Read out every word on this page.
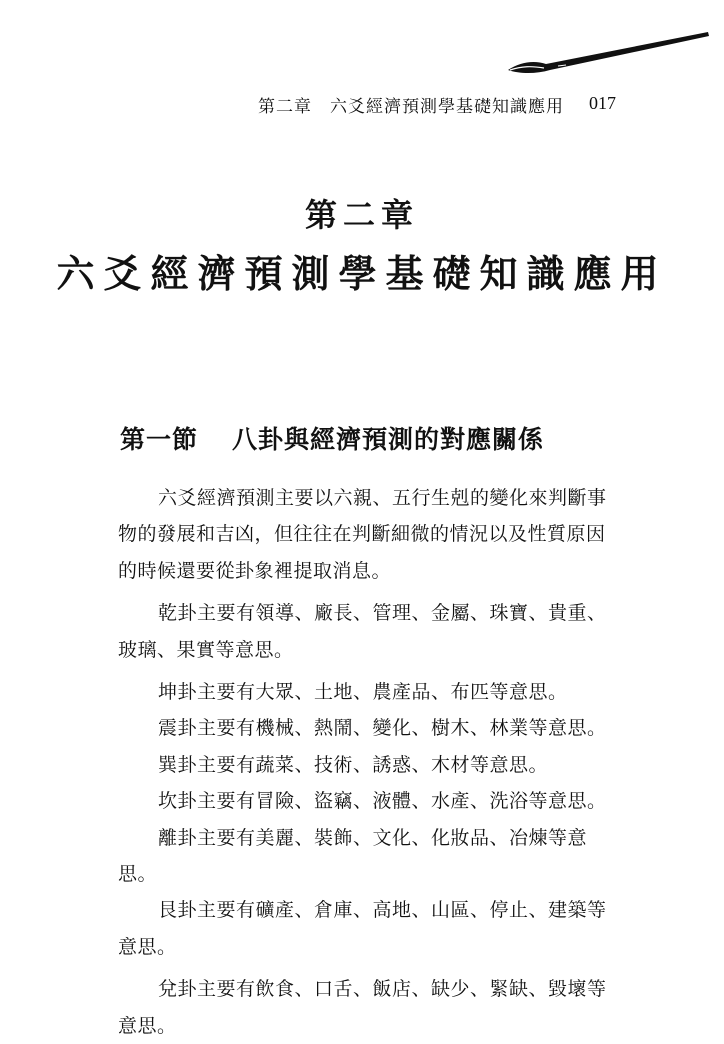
第二章 六爻經濟預測學基礎知識應用 017
第二章
六爻經濟預測學基礎知識應用
第一節 八卦與經濟預測的對應關係

六爻經濟預測主要以六親、五行生剋的變化來判斷事物的發展和吉凶，但往往在判斷細微的情況以及性質原因的時候還要從卦象裡提取消息。

乾卦主要有領導、廠長、管理、金屬、珠寶、貴重、玻璃、果實等意思。

坤卦主要有大眾、土地、農產品、布匹等意思。

震卦主要有機械、熱鬧、變化、樹木、林業等意思。

巽卦主要有蔬菜、技術、誘惑、木材等意思。

坎卦主要有冒險、盜竊、液體、水產、洗浴等意思。

離卦主要有美麗、裝飾、文化、化妝品、冶煉等意思。

艮卦主要有礦產、倉庫、高地、山區、停止、建築等意思。

兌卦主要有飲食、口舌、飯店、缺少、緊缺、毀壞等意思。
